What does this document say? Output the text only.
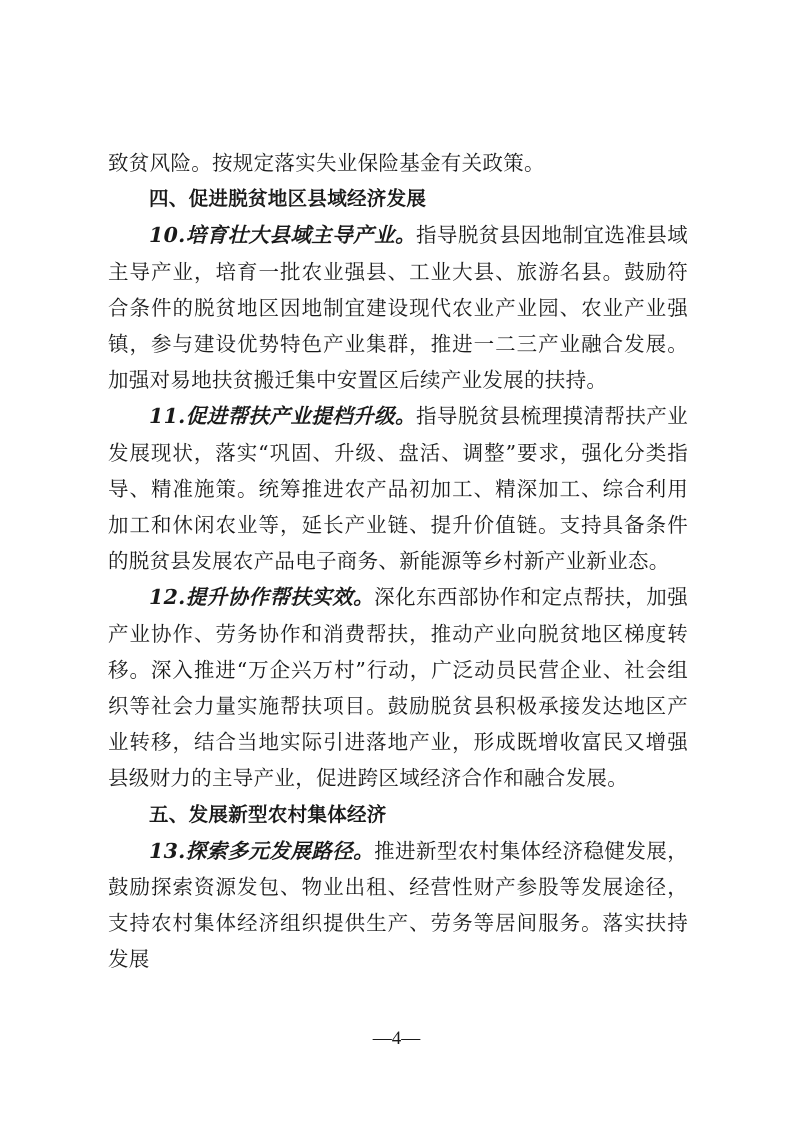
致贫风险。按规定落实失业保险基金有关政策。

四、促进脱贫地区县域经济发展

10.培育壮大县域主导产业。指导脱贫县因地制宜选准县域主导产业，培育一批农业强县、工业大县、旅游名县。鼓励符合条件的脱贫地区因地制宜建设现代农业产业园、农业产业强镇，参与建设优势特色产业集群，推进一二三产业融合发展。加强对易地扶贫搬迁集中安置区后续产业发展的扶持。

11.促进帮扶产业提档升级。指导脱贫县梳理摸清帮扶产业发展现状，落实“巩固、升级、盘活、调整”要求，强化分类指导、精准施策。统筹推进农产品初加工、精深加工、综合利用加工和休闲农业等，延长产业链、提升价值链。支持具备条件的脱贫县发展农产品电子商务、新能源等乡村新产业新业态。

12.提升协作帮扶实效。深化东西部协作和定点帮扶，加强产业协作、劳务协作和消费帮扶，推动产业向脱贫地区梯度转移。深入推进“万企兴万村”行动，广泛动员民营企业、社会组织等社会力量实施帮扶项目。鼓励脱贫县积极承接发达地区产业转移，结合当地实际引进落地产业，形成既增收富民又增强县级财力的主导产业，促进跨区域经济合作和融合发展。

五、发展新型农村集体经济

13.探索多元发展路径。推进新型农村集体经济稳健发展，鼓励探索资源发包、物业出租、经营性财产参股等发展途径，支持农村集体经济组织提供生产、劳务等居间服务。落实扶持发展

—4—
